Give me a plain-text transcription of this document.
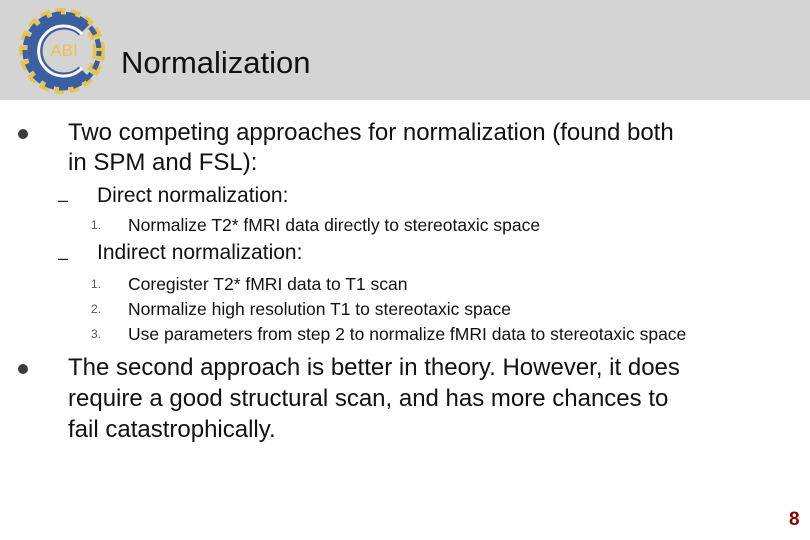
ABI Normalization
Two competing approaches for normalization (found both
in SPM and FSL):
– Direct normalization:
1. Normalize T2* fMRI data directly to stereotaxic space
– Indirect normalization:
1. Coregister T2* fMRI data to T1 scan
2. Normalize high resolution T1 to stereotaxic space
3. Use parameters from step 2 to normalize fMRI data to stereotaxic space
The second approach is better in theory. However, it does
require a good structural scan, and has more chances to
fail catastrophically.
8
